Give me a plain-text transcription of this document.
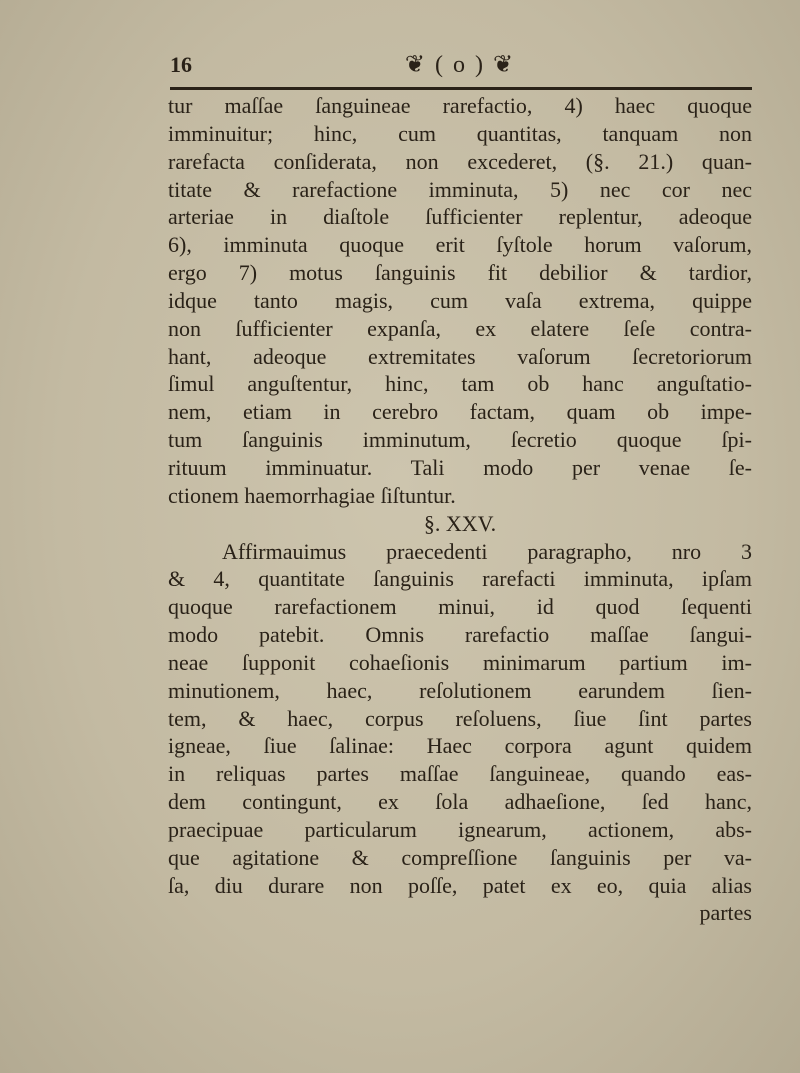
16	❦ ( o ) ❦
tur maſſae ſanguineae rarefactio, 4) haec quoque
imminuitur; hinc, cum quantitas, tanquam non
rarefacta conſiderata, non excederet, (§. 21.) quan-
titate & rarefactione imminuta, 5) nec cor nec
arteriae in diaſtole ſufficienter replentur, adeoque
6), imminuta quoque erit ſyſtole horum vaſorum,
ergo 7) motus ſanguinis fit debilior & tardior,
idque tanto magis, cum vaſa extrema, quippe
non ſufficienter expanſa, ex elatere ſeſe contra-
hant, adeoque extremitates vaſorum ſecretoriorum
ſimul anguſtentur, hinc, tam ob hanc anguſtatio-
nem, etiam in cerebro factam, quam ob impe-
tum ſanguinis imminutum, ſecretio quoque ſpi-
rituum imminuatur. Tali modo per venae ſe-
ctionem haemorrhagiae ſiſtuntur.
§. XXV.
Affirmauimus praecedenti paragrapho, nro 3
& 4, quantitate ſanguinis rarefacti imminuta, ipſam
quoque rarefactionem minui, id quod ſequenti
modo patebit. Omnis rarefactio maſſae ſangui-
neae ſupponit cohaeſionis minimarum partium im-
minutionem, haec, reſolutionem earundem ſien-
tem, & haec, corpus reſoluens, ſiue ſint partes
igneae, ſiue ſalinae: Haec corpora agunt quidem
in reliquas partes maſſae ſanguineae, quando eas-
dem contingunt, ex ſola adhaeſione, ſed hanc,
praecipuae particularum ignearum, actionem, abs-
que agitatione & compreſſione ſanguinis per va-
ſa, diu durare non poſſe, patet ex eo, quia alias
partes
